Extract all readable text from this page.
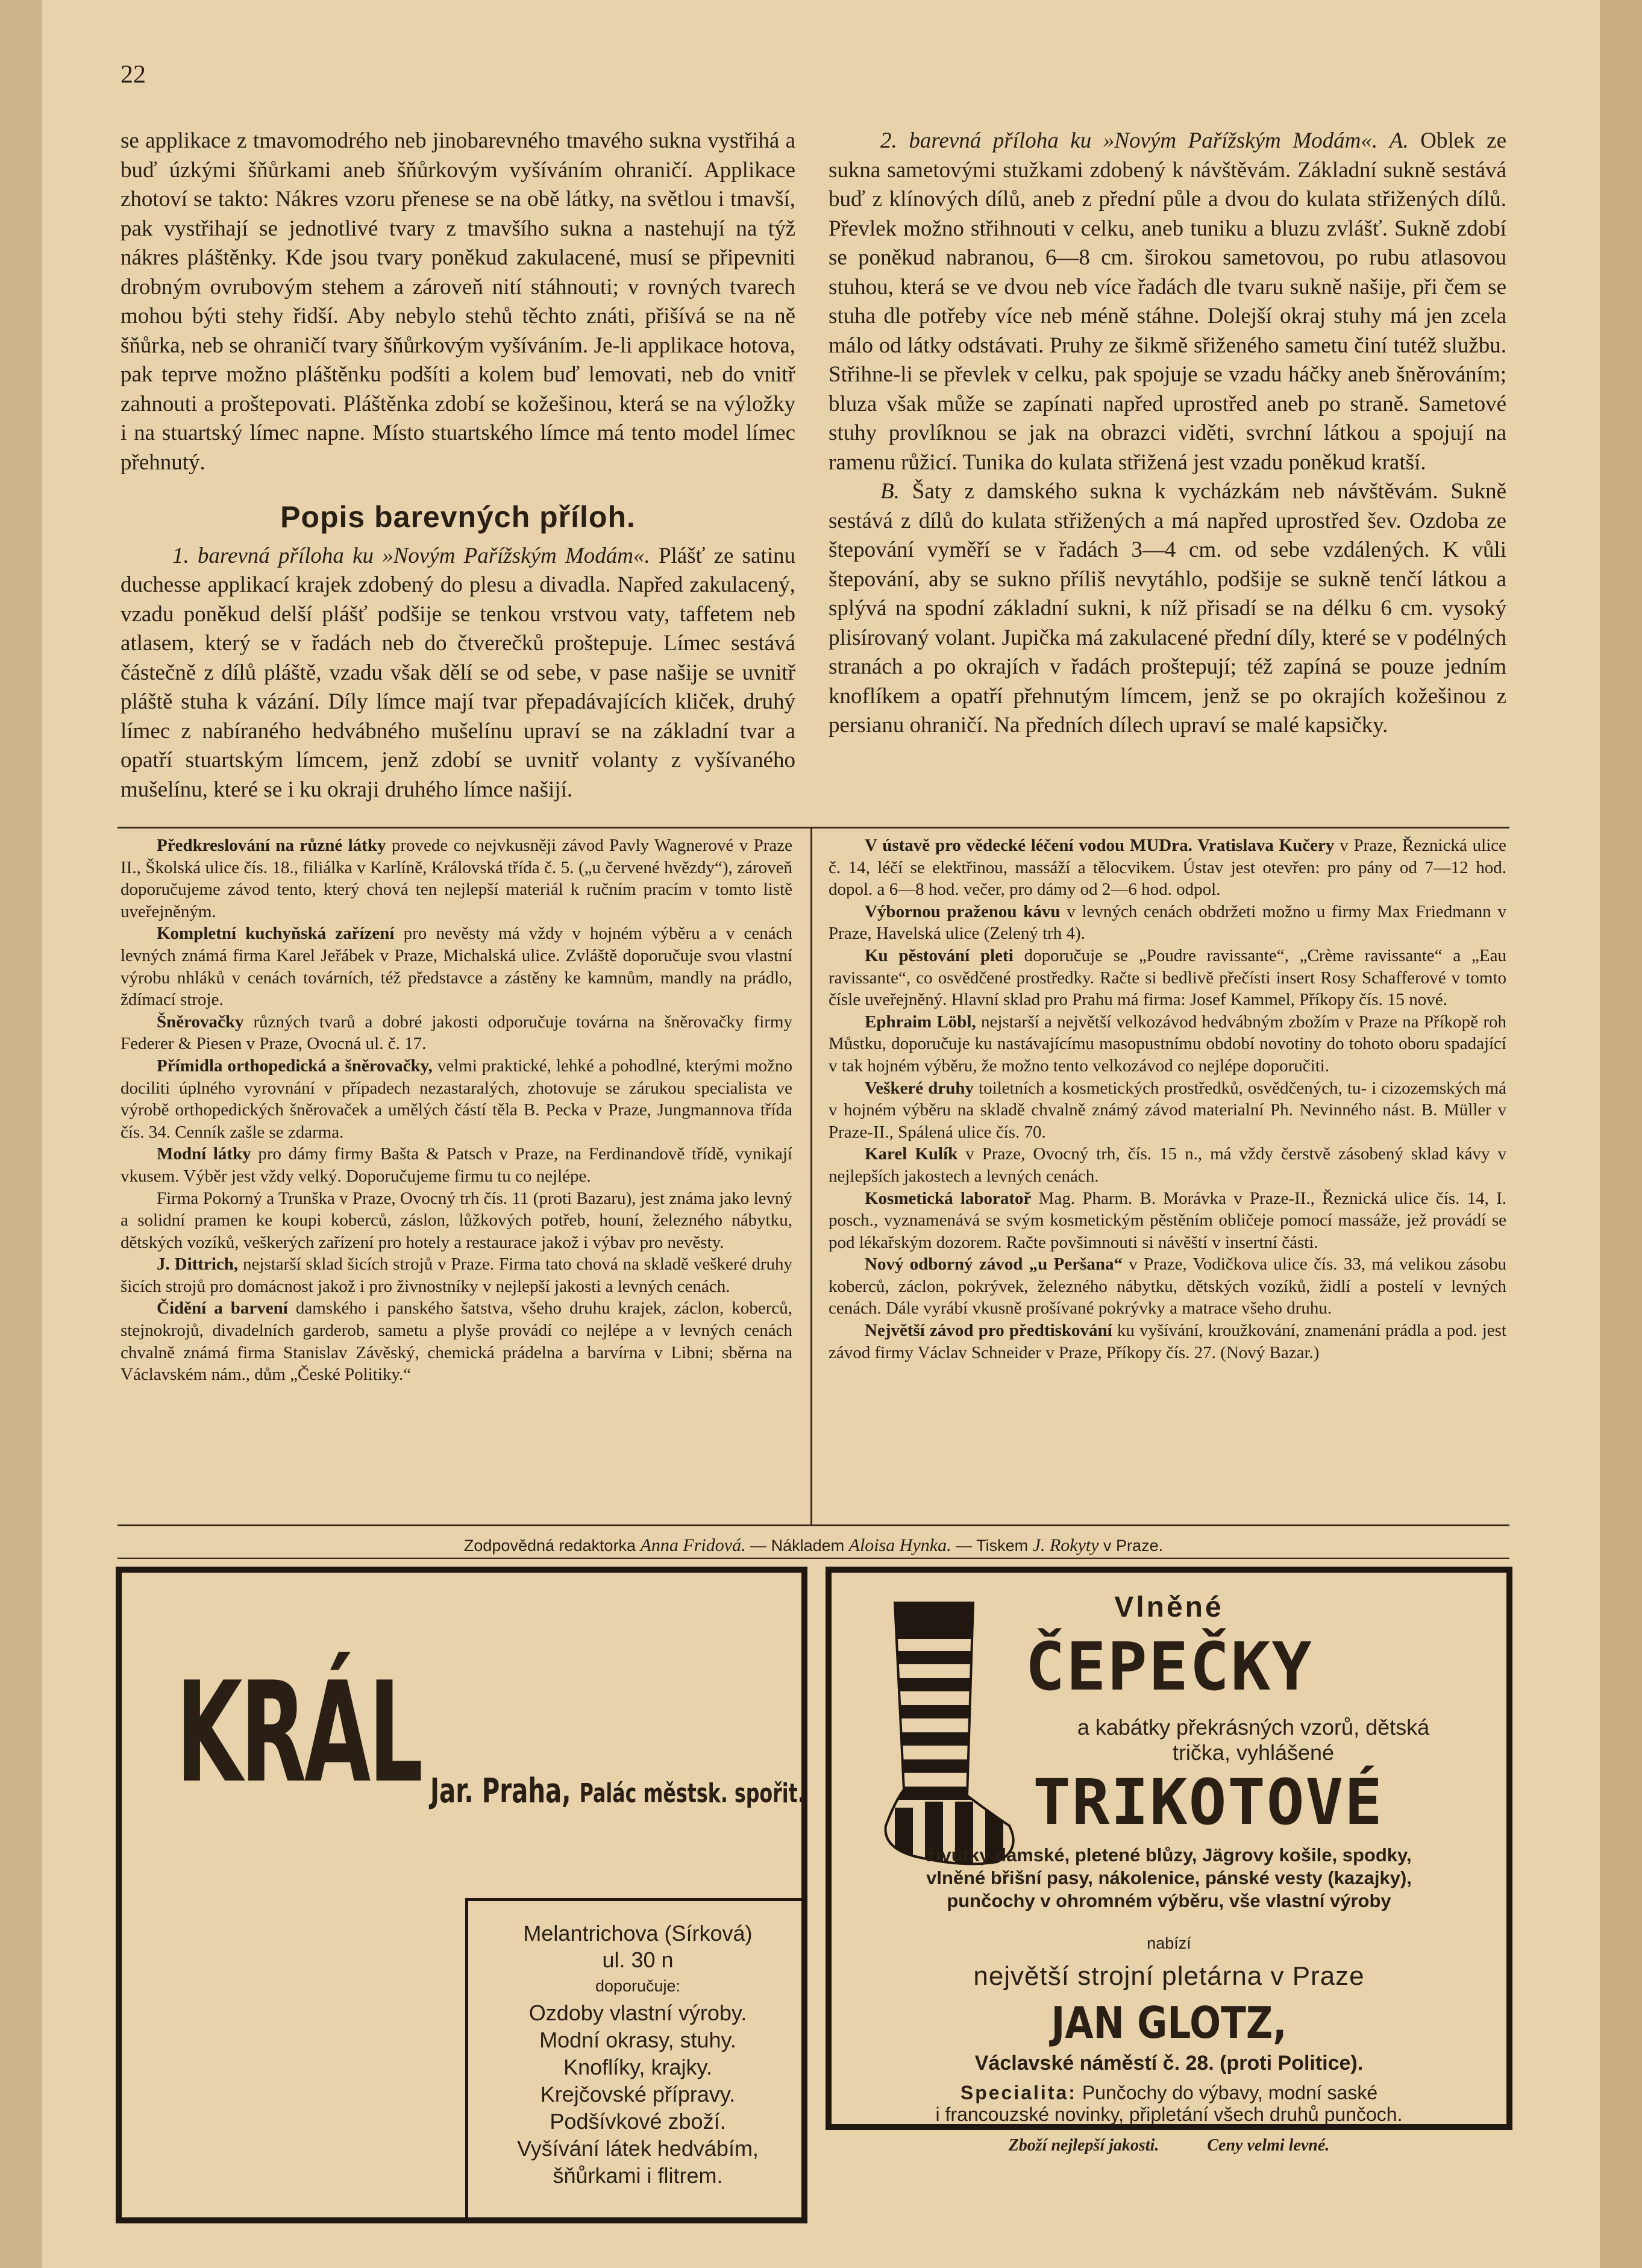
22

se applikace z tmavomodrého neb jinobarevného tmavého sukna vystřihá a buď úzkými šňůrkami aneb šňůrkovým vyšíváním ohraničí. Applikace zhotoví se takto: Nákres vzoru přenese se na obě látky, na světlou i tmavší, pak vystřihají se jednotlivé tvary z tmavšího sukna a nastehují na týž nákres pláštěnky. Kde jsou tvary poněkud zakulacené, musí se připevniti drobným ovrubovým stehem a zároveň nití stáhnouti; v rovných tvarech mohou býti stehy řidší. Aby nebylo stehů těchto znáti, přišívá se na ně šňůrka, neb se ohraničí tvary šňůrkovým vyšíváním. Je-li applikace hotova, pak teprve možno pláštěnku podšíti a kolem buď lemovati, neb do vnitř zahnouti a proštepovati. Pláštěnka zdobí se kožešinou, která se na výložky i na stuartský límec napne. Místo stuartského límce má tento model límec přehnutý.

Popis barevných příloh.

1. barevná příloha ku »Novým Pařížským Modám«. Plášť ze satinu duchesse applikací krajek zdobený do plesu a divadla. Napřed zakulacený, vzadu poněkud delší plášť podšije se tenkou vrstvou vaty, taffetem neb atlasem, který se v řadách neb do čtverečků proštepuje. Límec sestává částečně z dílů pláště, vzadu však dělí se od sebe, v pase našije se uvnitř pláště stuha k vázání. Díly límce mají tvar přepadávajících kliček, druhý límec z nabíraného hedvábného mušelínu upraví se na základní tvar a opatří stuartským límcem, jenž zdobí se uvnitř volanty z vyšívaného mušelínu, které se i ku okraji druhého límce našijí.

2. barevná příloha ku »Novým Pařížským Modám«. A. Oblek ze sukna sametovými stužkami zdobený k návštěvám. Základní sukně sestává buď z klínových dílů, aneb z přední půle a dvou do kulata střižených dílů. Převlek možno střihnouti v celku, aneb tuniku a bluzu zvlášť. Sukně zdobí se poněkud nabranou, 6—8 cm. širokou sametovou, po rubu atlasovou stuhou, která se ve dvou neb více řadách dle tvaru sukně našije, při čem se stuha dle potřeby více neb méně stáhne. Dolejší okraj stuhy má jen zcela málo od látky odstávati. Pruhy ze šikmě sřiženého sametu činí tutéž službu. Střihne-li se převlek v celku, pak spojuje se vzadu háčky aneb šněrováním; bluza však může se zapínati napřed uprostřed aneb po straně. Sametové stuhy provlíknou se jak na obrazci viděti, svrchní látkou a spojují na ramenu růžicí. Tunika do kulata střižená jest vzadu poněkud kratší.

B. Šaty z damského sukna k vycházkám neb návštěvám. Sukně sestává z dílů do kulata střižených a má napřed uprostřed šev. Ozdoba ze štepování vyměří se v řadách 3—4 cm. od sebe vzdálených. K vůli štepování, aby se sukno příliš nevytáhlo, podšije se sukně tenčí látkou a splývá na spodní základní sukni, k níž přisadí se na délku 6 cm. vysoký plisírovaný volant. Jupička má zakulacené přední díly, které se v podélných stranách a po okrajích v řadách proštepují; též zapíná se pouze jedním knoflíkem a opatří přehnutým límcem, jenž se po okrajích kožešinou z persianu ohraničí. Na předních dílech upraví se malé kapsičky.

Předkreslování na různé látky provede co nejvkusněji závod Pavly Wagnerové v Praze II., Školská ulice čís. 18., filiálka v Karlíně, Královská třída č. 5. („u červené hvězdy“), zároveň doporučujeme závod tento, který chová ten nejlepší materiál k ručním pracím v tomto listě uveřejněným.

Kompletní kuchyňská zařízení pro nevěsty má vždy v hojném výběru a v cenách levných známá firma Karel Jeřábek v Praze, Michalská ulice. Zvláště doporučuje svou vlastní výrobu nhláků v cenách továrních, též představce a zástěny ke kamnům, mandly na prádlo, ždímací stroje.

Šněrovačky různých tvarů a dobré jakosti odporučuje továrna na šněrovačky firmy Federer & Piesen v Praze, Ovocná ul. č. 17.

Přímidla orthopedická a šněrovačky, velmi praktické, lehké a pohodlné, kterými možno dociliti úplného vyrovnání v případech nezastaralých, zhotovuje se zárukou specialista ve výrobě orthopedických šněrovaček a umělých částí těla B. Pecka v Praze, Jungmannova třída čís. 34. Cenník zašle se zdarma.

Modní látky pro dámy firmy Bašta & Patsch v Praze, na Ferdinandově třídě, vynikají vkusem. Výběr jest vždy velký. Doporučujeme firmu tu co nejlépe.

Firma Pokorný a Trunška v Praze, Ovocný trh čís. 11 (proti Bazaru), jest známa jako levný a solidní pramen ke koupi koberců, záslon, lůžkových potřeb, houní, železného nábytku, dětských vozíků, veškerých zařízení pro hotely a restaurace jakož i výbav pro nevěsty.

J. Dittrich, nejstarší sklad šicích strojů v Praze. Firma tato chová na skladě veškeré druhy šicích strojů pro domácnost jakož i pro živnostníky v nejlepší jakosti a levných cenách.

Čidění a barvení damského i panského šatstva, všeho druhu krajek, záclon, koberců, stejnokrojů, divadelních garderob, sametu a plyše provádí co nejlépe a v levných cenách chvalně známá firma Stanislav Závěský, chemická prádelna a barvírna v Libni; sběrna na Václavském nám., dům „České Politiky.“

V ústavě pro vědecké léčení vodou MUDra. Vratislava Kučery v Praze, Řeznická ulice č. 14, léčí se elektřinou, massáží a tělocvikem. Ústav jest otevřen: pro pány od 7—12 hod. dopol. a 6—8 hod. večer, pro dámy od 2—6 hod. odpol.

Výbornou praženou kávu v levných cenách obdržeti možno u firmy Max Friedmann v Praze, Havelská ulice (Zelený trh 4).

Ku pěstování pleti doporučuje se „Poudre ravissante“, „Crème ravissante“ a „Eau ravissante“, co osvědčené prostředky. Račte si bedlivě přečísti insert Rosy Schafferové v tomto čísle uveřejněný. Hlavní sklad pro Prahu má firma: Josef Kammel, Příkopy čís. 15 nové.

Ephraim Löbl, nejstarší a největší velkozávod hedvábným zbožím v Praze na Příkopě roh Můstku, doporučuje ku nastávajícímu masopustnímu období novotiny do tohoto oboru spadající v tak hojném výběru, že možno tento velkozávod co nejlépe doporučiti.

Veškeré druhy toiletních a kosmetických prostředků, osvědčených, tu- i cizozemských má v hojném výběru na skladě chvalně známý závod materialní Ph. Nevinného nást. B. Müller v Praze-II., Spálená ulice čís. 70.

Karel Kulík v Praze, Ovocný trh, čís. 15 n., má vždy čerstvě zásobený sklad kávy v nejlepších jakostech a levných cenách.

Kosmetická laboratoř Mag. Pharm. B. Morávka v Praze-II., Řeznická ulice čís. 14, I. posch., vyznamenává se svým kosmetickým pěstěním obličeje pomocí massáže, jež provádí se pod lékařským dozorem. Račte povšimnouti si návěští v insertní části.

Nový odborný závod „u Peršana“ v Praze, Vodičkova ulice čís. 33, má velikou zásobu koberců, záclon, pokrývek, železného nábytku, dětských vozíků, židlí a postelí v levných cenách. Dále vyrábí vkusně prošívané pokrývky a matrace všeho druhu.

Největší závod pro předtiskování ku vyšívání, kroužkování, znamenání prádla a pod. jest závod firmy Václav Schneider v Praze, Příkopy čís. 27. (Nový Bazar.)

Zodpovědná redaktorka Anna Fridová. — Nákladem Aloisa Hynka. — Tiskem J. Rokyty v Praze.
KRÁL Jar. Praha, Palác městsk. spořit.
Melantrichova (Sírková)
ul. 30 n
doporučuje:
Ozdoby vlastní výroby.
Modní okrasy, stuhy.
Knoflíky, krajky.
Krejčovské přípravy.
Podšívkové zboží.
Vyšívání látek hedvábím, šňůrkami i flitrem.
Vlněné
ČEPEČKY
a kabátky překrásných vzorů, dětská
trička, vyhlášené
TRIKOTOVÉ
živůtky damské, pletené blůzy, Jägrovy košile, spodky,
vlněné břišní pasy, nákolenice, pánské vesty (kazajky),
punčochy v ohromném výběru, vše vlastní výroby
nabízí
největší strojní pletárna v Praze
JAN GLOTZ,
Václavské náměstí č. 28. (proti Politice).
Specialita: Punčochy do výbavy, modní saské
i francouzské novinky, připletání všech druhů punčoch.
Zboží nejlepší jakosti.	Ceny velmi levné.
